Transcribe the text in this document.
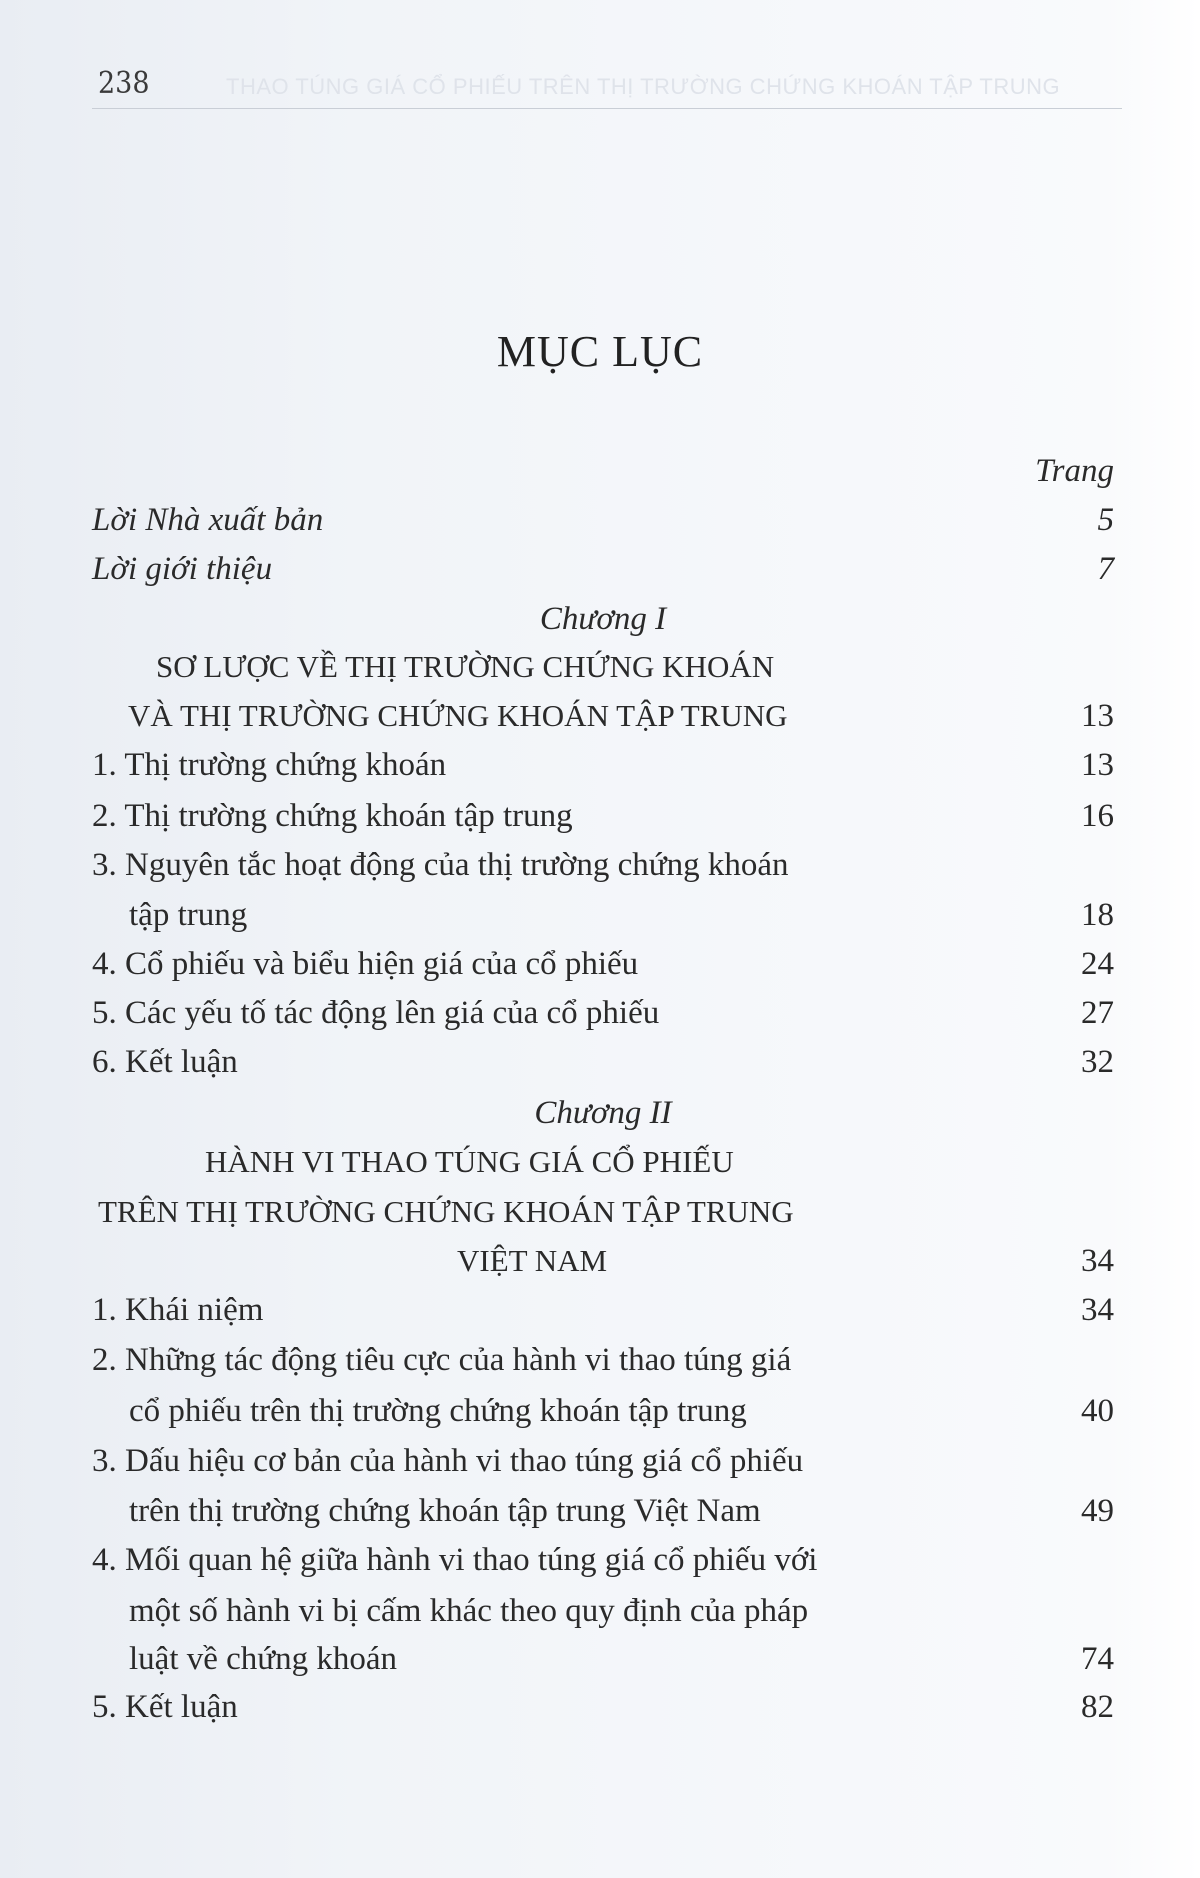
238	THAO TÚNG GIÁ CỔ PHIẾU TRÊN THỊ TRƯỜNG CHỨNG KHOÁN TẬP TRUNG
MỤC LỤC
Trang
Lời Nhà xuất bản	5
Lời giới thiệu	7
Chương I
SƠ LƯỢC VỀ THỊ TRƯỜNG CHỨNG KHOÁN
VÀ THỊ TRƯỜNG CHỨNG KHOÁN TẬP TRUNG	13
1. Thị trường chứng khoán	13
2. Thị trường chứng khoán tập trung	16
3. Nguyên tắc hoạt động của thị trường chứng khoán
tập trung	18
4. Cổ phiếu và biểu hiện giá của cổ phiếu	24
5. Các yếu tố tác động lên giá của cổ phiếu	27
6. Kết luận	32
Chương II
HÀNH VI THAO TÚNG GIÁ CỔ PHIẾU
TRÊN THỊ TRƯỜNG CHỨNG KHOÁN TẬP TRUNG
VIỆT NAM	34
1. Khái niệm	34
2. Những tác động tiêu cực của hành vi thao túng giá
cổ phiếu trên thị trường chứng khoán tập trung	40
3. Dấu hiệu cơ bản của hành vi thao túng giá cổ phiếu
trên thị trường chứng khoán tập trung Việt Nam	49
4. Mối quan hệ giữa hành vi thao túng giá cổ phiếu với
một số hành vi bị cấm khác theo quy định của pháp
luật về chứng khoán	74
5. Kết luận	82
